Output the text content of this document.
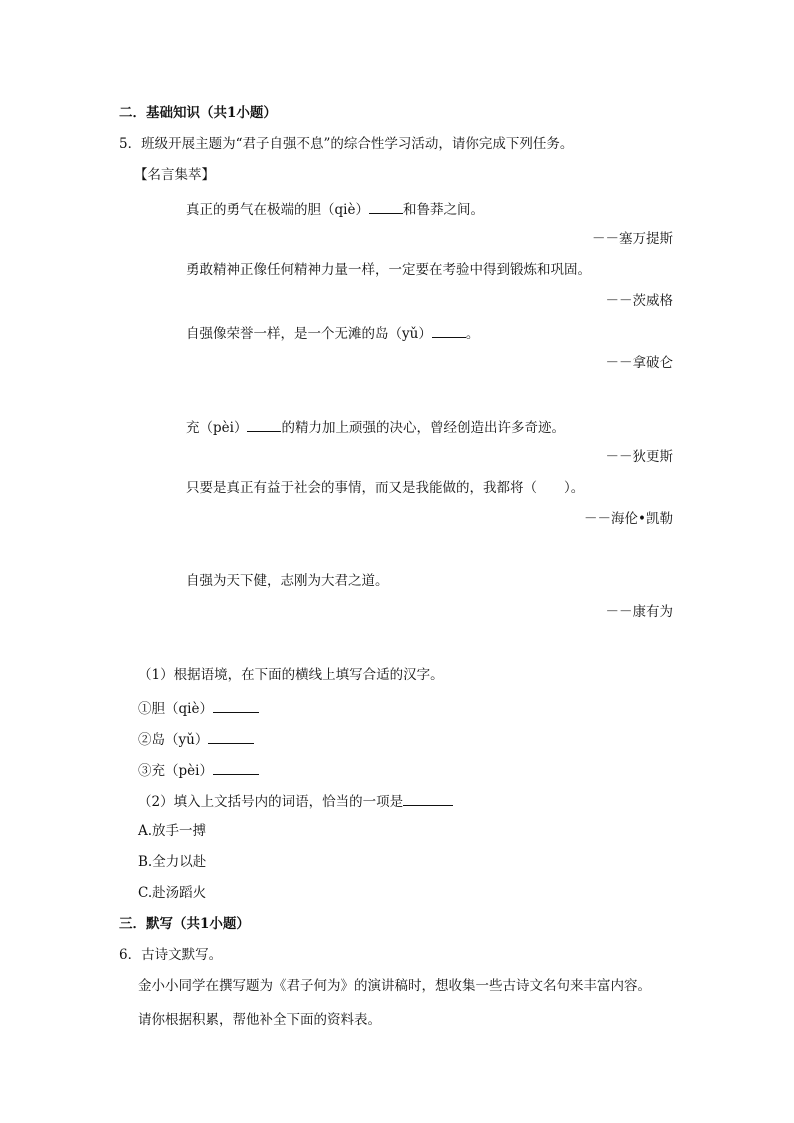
二．基础知识（共1小题）
5．班级开展主题为“君子自强不息”的综合性学习活动，请你完成下列任务。
【名言集萃】
真正的勇气在极端的胆（qiè）	和鲁莽之间。
－－塞万提斯
勇敢精神正像任何精神力量一样，一定要在考验中得到锻炼和巩固。
－－茨威格
自强像荣誉一样，是一个无滩的岛（yǔ）	。
－－拿破仑
充（pèi）	的精力加上顽强的决心，曾经创造出许多奇迹。
－－狄更斯
只要是真正有益于社会的事情，而又是我能做的，我都将（　　）。
－－海伦•凯勒
自强为天下健，志刚为大君之道。
－－康有为
（1）根据语境，在下面的横线上填写合适的汉字。
①胆（qiè）
②岛（yǔ）
③充（pèi）
（2）填入上文括号内的词语，恰当的一项是
A.放手一搏
B.全力以赴
C.赴汤蹈火
三．默写（共1小题）
6．古诗文默写。
金小小同学在撰写题为《君子何为》的演讲稿时，想收集一些古诗文名句来丰富内容。
请你根据积累，帮他补全下面的资料表。
